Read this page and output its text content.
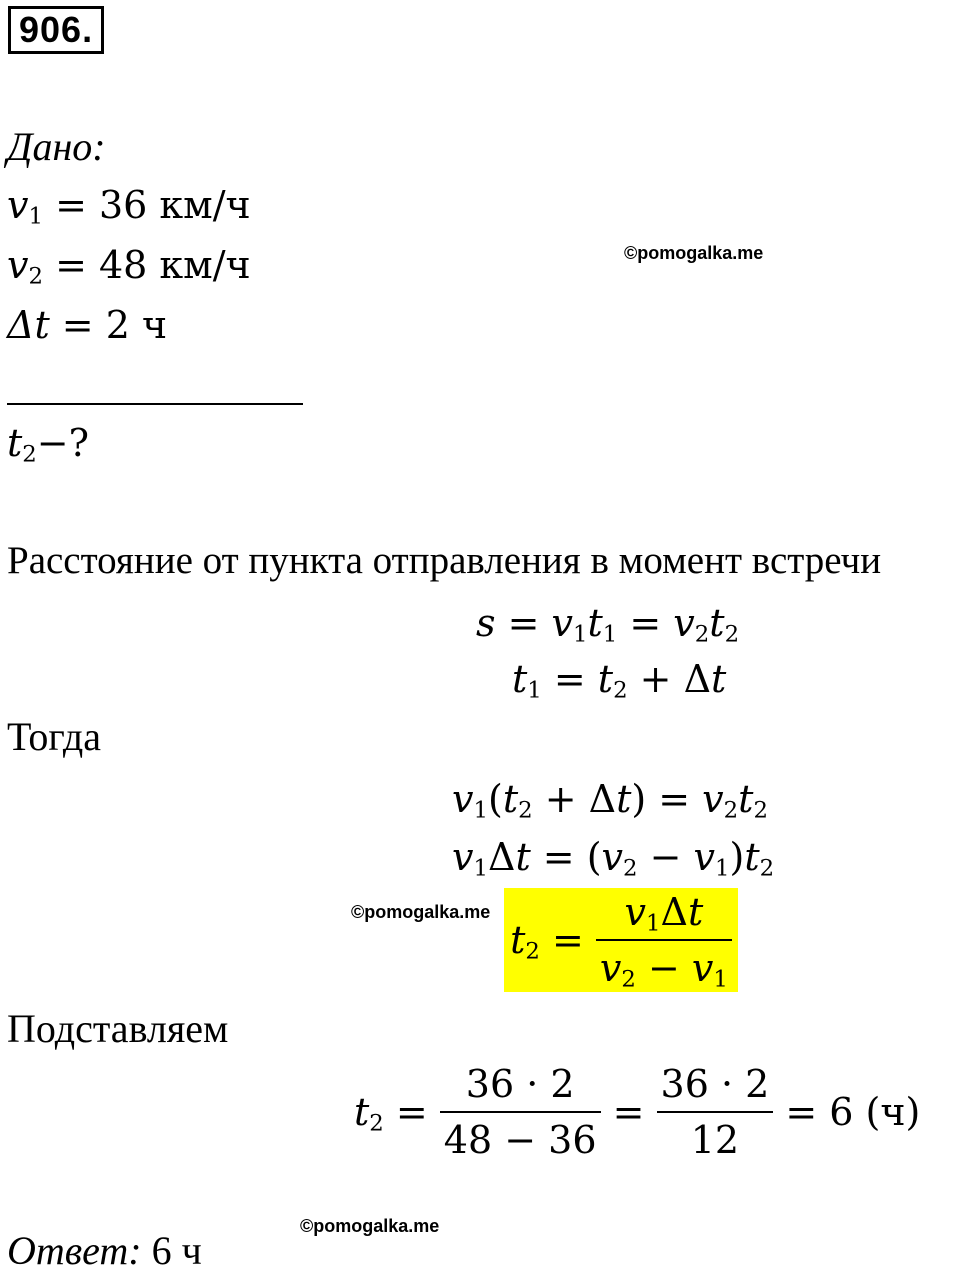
906.
Дано:
$v_1 = 36$ км/ч
$v_2 = 48$ км/ч
Δt = 2 ч
©pomogalka.me
$t_2-$?
Расстояние от пункта отправления в момент встречи
$s = v_1t_1 = v_2t_2$
$t_1 = t_2 + \Delta t$
Тогда
$v_1(t_2 + \Delta t) = v_2t_2$
$v_1\Delta t = (v_2 - v_1)t_2$
©pomogalka.me
$t_2 = \frac{v_1\Delta t}{v_2 - v_1}$
Подставляем
$t_2 = \frac{36 \cdot 2}{48 - 36} = \frac{36 \cdot 2}{12} = 6$ (ч)
©pomogalka.me
Ответ: 6 ч
